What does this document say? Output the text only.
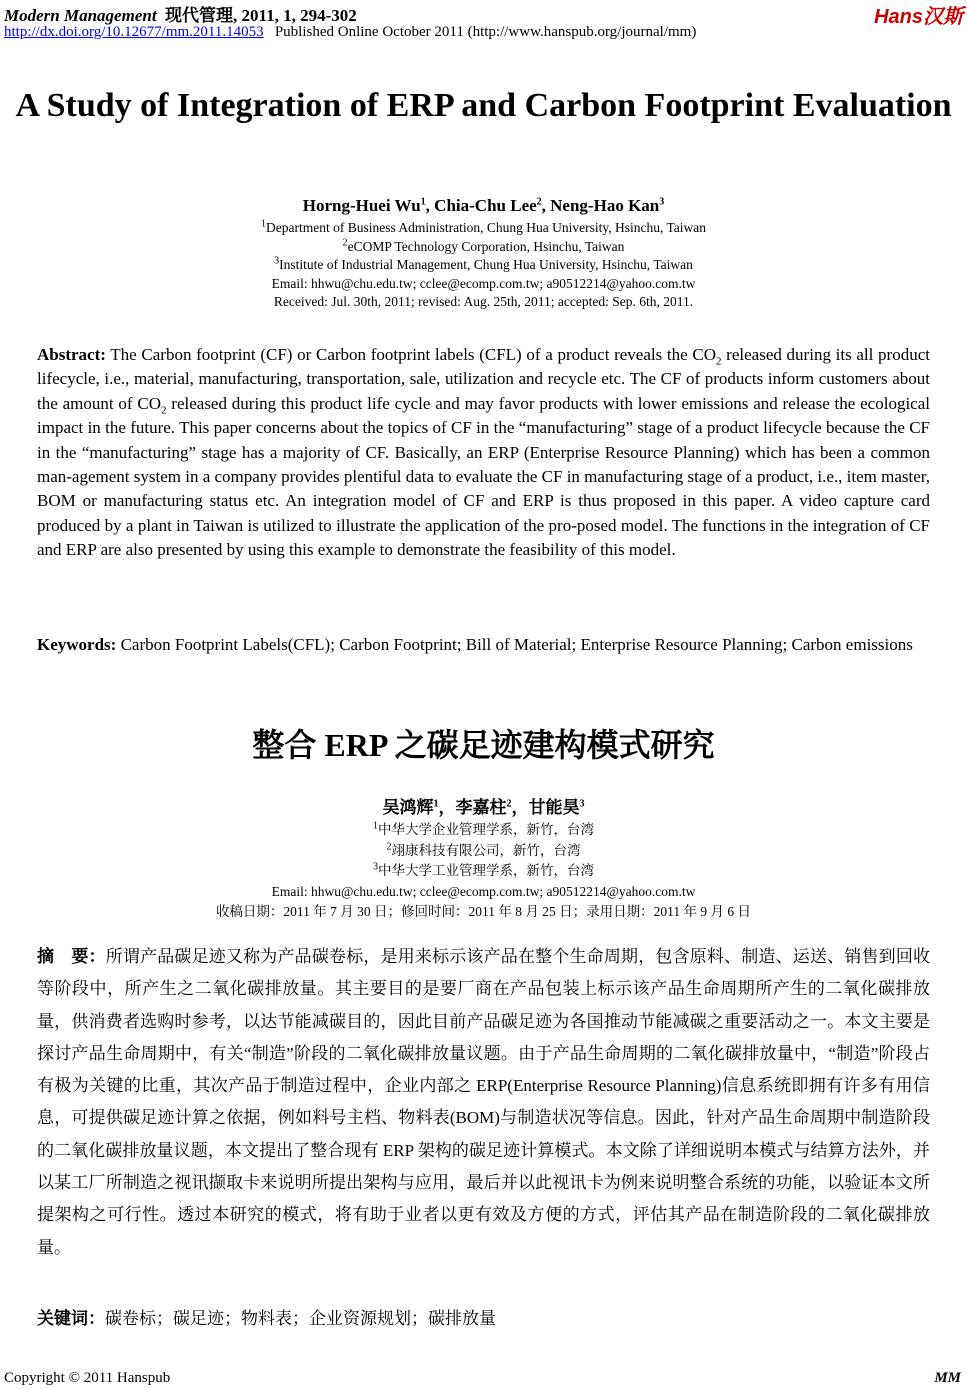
Modern Management 现代管理, 2011, 1, 294-302
http://dx.doi.org/10.12677/mm.2011.14053 Published Online October 2011 (http://www.hanspub.org/journal/mm)
Hans汉斯
A Study of Integration of ERP and Carbon Footprint Evaluation
Horng-Huei Wu$^1$, Chia-Chu Lee$^2$, Neng-Hao Kan$^3$
$^1$Department of Business Administration, Chung Hua University, Hsinchu, Taiwan
$^2$eCOMP Technology Corporation, Hsinchu, Taiwan
$^3$Institute of Industrial Management, Chung Hua University, Hsinchu, Taiwan
Email: hhwu@chu.edu.tw; cclee@ecomp.com.tw; a90512214@yahoo.com.tw
Received: Jul. 30th, 2011; revised: Aug. 25th, 2011; accepted: Sep. 6th, 2011.
Abstract: The Carbon footprint (CF) or Carbon footprint labels (CFL) of a product reveals the $CO_2$ released during its all product lifecycle, i.e., material, manufacturing, transportation, sale, utilization and recycle etc. The CF of products inform customers about the amount of $CO_2$ released during this product life cycle and may favor products with lower emissions and release the ecological impact in the future. This paper concerns about the topics of CF in the “manufacturing” stage of a product lifecycle because the CF in the “manufacturing” stage has a majority of CF. Basically, an ERP (Enterprise Resource Planning) which has been a common man-agement system in a company provides plentiful data to evaluate the CF in manufacturing stage of a product, i.e., item master, BOM or manufacturing status etc. An integration model of CF and ERP is thus proposed in this paper. A video capture card produced by a plant in Taiwan is utilized to illustrate the application of the pro-posed model. The functions in the integration of CF and ERP are also presented by using this example to demonstrate the feasibility of this model.
Keywords: Carbon Footprint Labels(CFL); Carbon Footprint; Bill of Material; Enterprise Resource Planning; Carbon emissions
整合 ERP 之碳足迹建构模式研究
吴鸿辉$^1$，李嘉柱$^2$，甘能昊$^3$
$^1$中华大学企业管理学系，新竹，台湾
$^2$翊康科技有限公司，新竹，台湾
$^3$中华大学工业管理学系，新竹，台湾
Email: hhwu@chu.edu.tw; cclee@ecomp.com.tw; a90512214@yahoo.com.tw
收稿日期：2011 年 7 月 30 日；修回时间：2011 年 8 月 25 日；录用日期：2011 年 9 月 6 日
摘　要：所谓产品碳足迹又称为产品碳卷标，是用来标示该产品在整个生命周期，包含原料、制造、运送、销售到回收等阶段中，所产生之二氧化碳排放量。其主要目的是要厂商在产品包装上标示该产品生命周期所产生的二氧化碳排放量，供消费者选购时参考，以达节能减碳目的，因此目前产品碳足迹为各国推动节能减碳之重要活动之一。本文主要是探讨产品生命周期中，有关“制造”阶段的二氧化碳排放量议题。由于产品生命周期的二氧化碳排放量中，“制造”阶段占有极为关键的比重，其次产品于制造过程中，企业内部之 ERP(Enterprise Resource Planning)信息系统即拥有许多有用信息，可提供碳足迹计算之依据，例如料号主档、物料表(BOM)与制造状况等信息。因此，针对产品生命周期中制造阶段的二氧化碳排放量议题，本文提出了整合现有 ERP 架构的碳足迹计算模式。本文除了详细说明本模式与结算方法外，并以某工厂所制造之视讯撷取卡来说明所提出架构与应用，最后并以此视讯卡为例来说明整合系统的功能，以验证本文所提架构之可行性。透过本研究的模式，将有助于业者以更有效及方便的方式，评估其产品在制造阶段的二氧化碳排放量。
关键词：碳卷标；碳足迹；物料表；企业资源规划；碳排放量
Copyright © 2011 Hanspub	MM
